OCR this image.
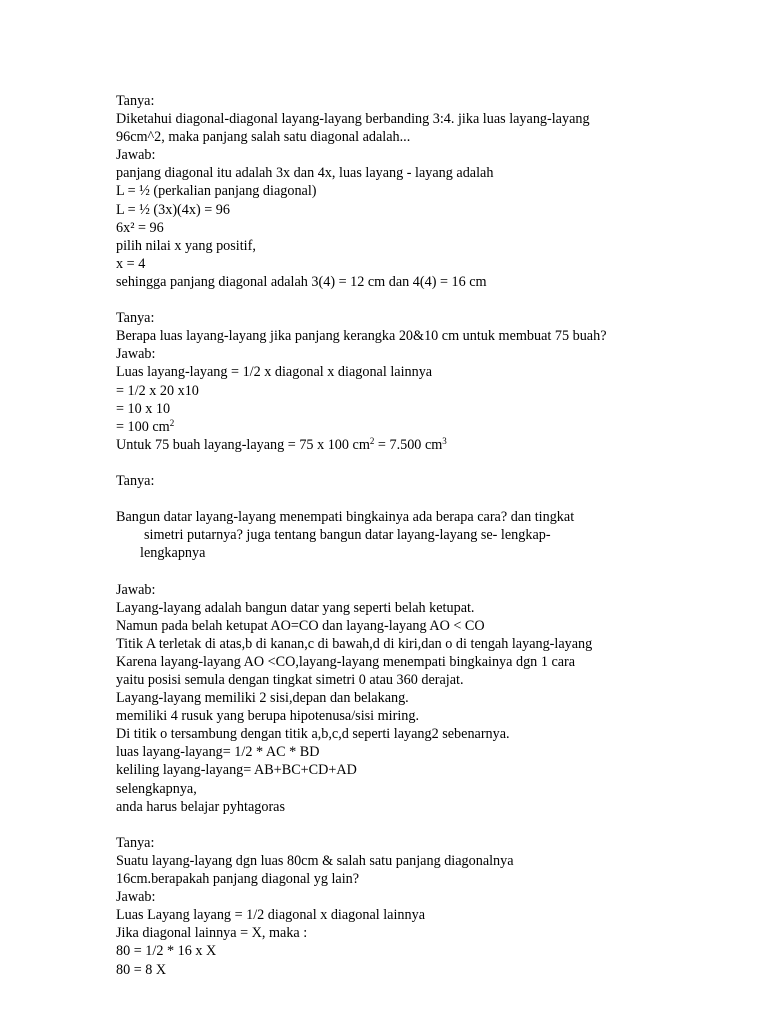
Tanya:
Diketahui diagonal-diagonal layang-layang berbanding 3:4. jika luas layang-layang
96cm^2, maka panjang salah satu diagonal adalah...
Jawab:
panjang diagonal itu adalah 3x dan 4x, luas layang - layang adalah
L = ½ (perkalian panjang diagonal)
L = ½ (3x)(4x) = 96
6x² = 96
pilih nilai x yang positif,
x = 4
sehingga panjang diagonal adalah 3(4) = 12 cm dan 4(4) = 16 cm
Tanya:
Berapa luas layang-layang jika panjang kerangka 20&10 cm untuk membuat 75 buah?
Jawab:
Luas layang-layang = 1/2 x diagonal x diagonal lainnya
= 1/2 x 20 x10
= 10 x 10
= 100 $cm^2$
Untuk 75 buah layang-layang = 75 x 100 $cm^2 = 7.500$ $cm^3$
Tanya:
Bangun datar layang-layang menempati bingkainya ada berapa cara? dan tingkat
simetri putarnya? juga tentang bangun datar layang-layang se- lengkap-
lengkapnya
Jawab:
Layang-layang adalah bangun datar yang seperti belah ketupat.
Namun pada belah ketupat AO=CO dan layang-layang AO < CO
Titik A terletak di atas,b di kanan,c di bawah,d di kiri,dan o di tengah layang-layang
Karena layang-layang AO <CO,layang-layang menempati bingkainya dgn 1 cara
yaitu posisi semula dengan tingkat simetri 0 atau 360 derajat.
Layang-layang memiliki 2 sisi,depan dan belakang.
memiliki 4 rusuk yang berupa hipotenusa/sisi miring.
Di titik o tersambung dengan titik a,b,c,d seperti layang2 sebenarnya.
luas layang-layang= 1/2 * AC * BD
keliling layang-layang= AB+BC+CD+AD
selengkapnya,
anda harus belajar pyhtagoras
Tanya:
Suatu layang-layang dgn luas 80cm & salah satu panjang diagonalnya
16cm.berapakah panjang diagonal yg lain?
Jawab:
Luas Layang layang = 1/2 diagonal x diagonal lainnya
Jika diagonal lainnya = X, maka :
80 = 1/2 * 16 x X
80 = 8 X
